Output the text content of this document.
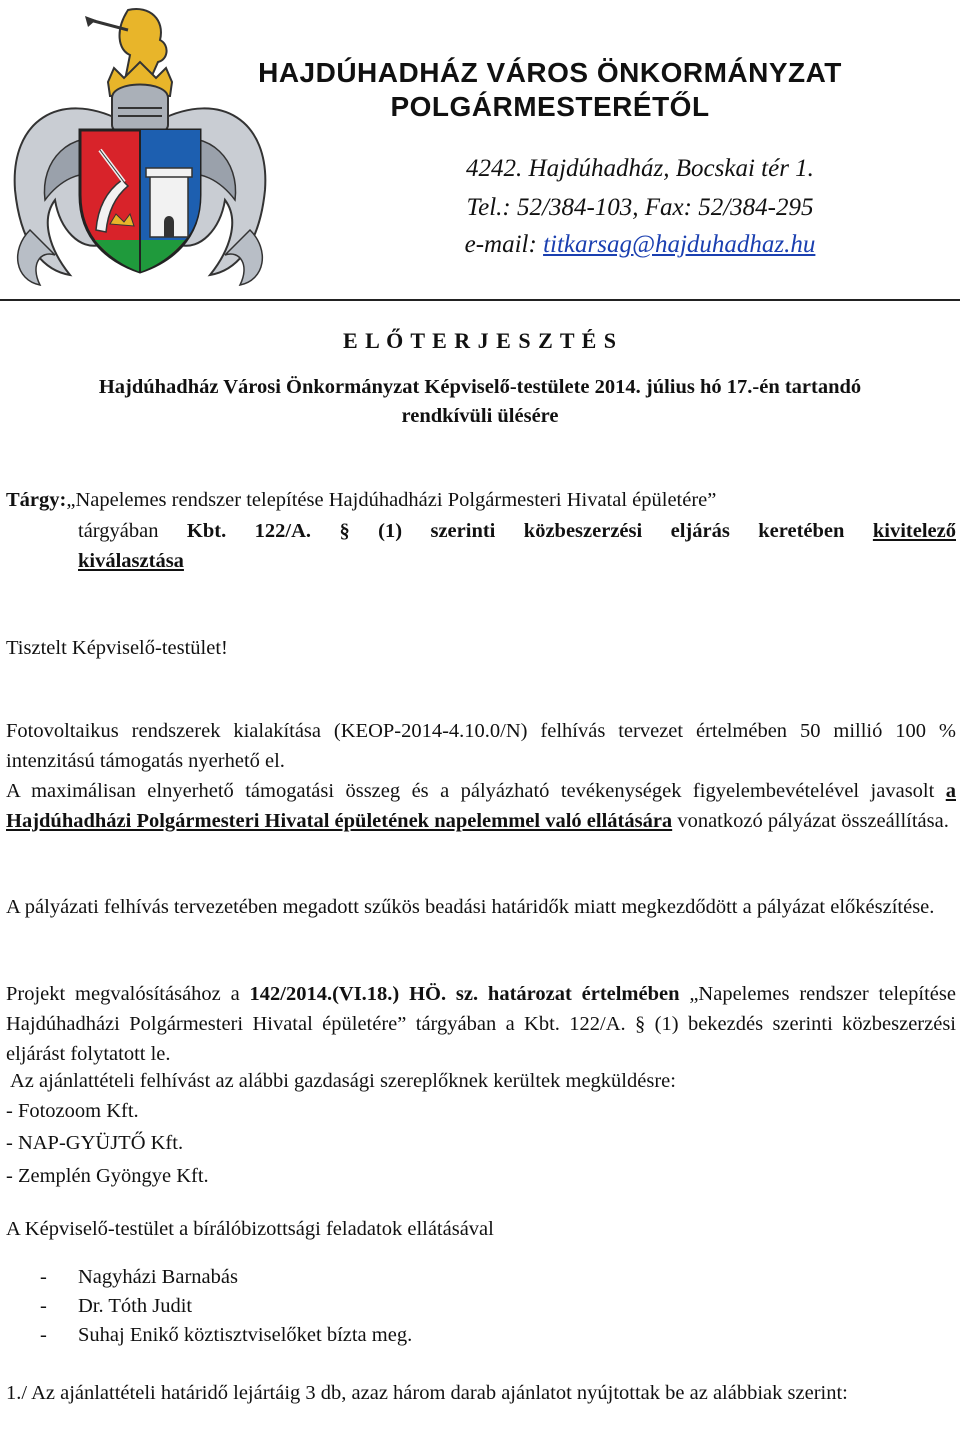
HAJDÚHADHÁZ VÁROS ÖNKORMÁNYZAT
POLGÁRMESTERÉTŐL
4242. Hajdúhadház, Bocskai tér 1.
Tel.: 52/384-103, Fax: 52/384-295
e-mail: titkarsag@hajduhadhaz.hu
E L Ő T E R J E S Z T É S
Hajdúhadház Városi Önkormányzat Képviselő-testülete 2014. július hó 17.-én tartandó
rendkívüli ülésére
Tárgy:„Napelemes rendszer telepítése Hajdúhadházi Polgármesteri Hivatal épületére”
tárgyában Kbt. 122/A. § (1) szerinti közbeszerzési eljárás keretében kivitelező
kiválasztása
Tisztelt Képviselő-testület!
Fotovoltaikus rendszerek kialakítása (KEOP-2014-4.10.0/N) felhívás tervezet értelmében 50 millió 100 % intenzitású támogatás nyerhető el.
A maximálisan elnyerhető támogatási összeg és a pályázható tevékenységek figyelembevételével javasolt a Hajdúhadházi Polgármesteri Hivatal épületének napelemmel való ellátására vonatkozó pályázat összeállítása.
A pályázati felhívás tervezetében megadott szűkös beadási határidők miatt megkezdődött a pályázat előkészítése.
Projekt megvalósításához a 142/2014.(VI.18.) HÖ. sz. határozat értelmében „Napelemes rendszer telepítése Hajdúhadházi Polgármesteri Hivatal épületére” tárgyában a Kbt. 122/A. § (1) bekezdés szerinti közbeszerzési eljárást folytatott le.
Az ajánlattételi felhívást az alábbi gazdasági szereplőknek kerültek megküldésre:
- Fotozoom Kft.
- NAP-GYÜJTŐ Kft.
- Zemplén Gyöngye Kft.
A Képviselő-testület a bírálóbizottsági feladatok ellátásával
- Nagyházi Barnabás
- Dr. Tóth Judit
- Suhaj Enikő köztisztviselőket bízta meg.
1./ Az ajánlattételi határidő lejártáig 3 db, azaz három darab ajánlatot nyújtottak be az alábbiak szerint:
